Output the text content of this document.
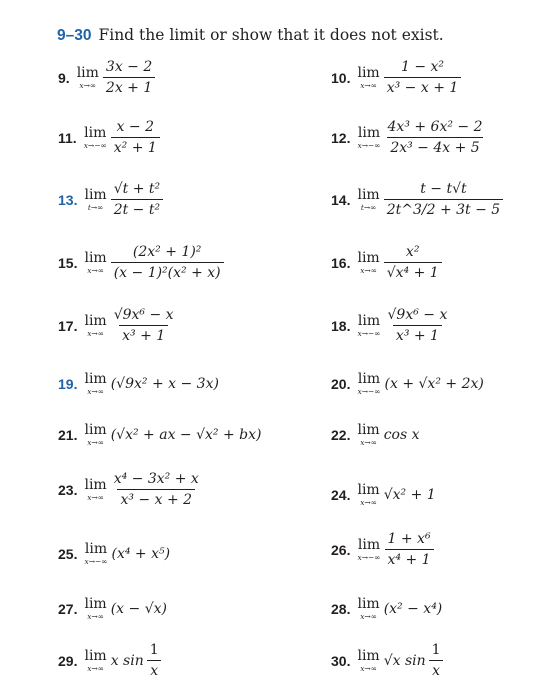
9–30 Find the limit or show that it does not exist.
9. lim
$x\to\infty \frac{3x - 2}{2x + 1}$	10. lim
$x\to\infty \frac{\text{1 − x²}}{\text{x³ − x + 1}}$
11. lim
$x\to-\infty \frac{x - 2}{\text{x² + 1}}$	12. lim
$x\to-\infty \frac{\text{4x³ + 6x² − 2}}{\text{2x³ − 4x + 5}}$
13. lim
$t\to\infty \frac{\text{√t + t²}}{\text{2t − t²}}$	14. lim
$t\to\infty \frac{t - t√t}{2t\^{}3/2 + 3t - 5}$
15. lim
$x\to\infty \frac{\text{(2x² + 1)²}}{\text{(x − 1)²(x² + x)}}$	16. lim
$x\to\infty \frac{\text{x²}}{\text{√x⁴ + 1}}$
17. lim
$x\to\infty \frac{\text{√9x⁶ − x}}{\text{x³ + 1}}$	18. lim
$x\to-\infty \frac{\text{√9x⁶ − x}}{\text{x³ + 1}}$
19. lim
x→∞ (√9x² + x − 3x)	20. lim
x→−∞ (x + √x² + 2x)
21. lim
x→∞ (√x² + ax − √x² + bx)	22. lim
x→∞ cos x
23. lim
$x\to\infty \frac{\text{x⁴ − 3x² + x}}{\text{x³ − x + 2}}$	24. lim
x→∞ √x² + 1
25. lim
x→−∞ (x⁴ + x⁵)	26. lim
$x\to-\infty \frac{\text{1 + x⁶}}{\text{x⁴ + 1}}$
27. lim
x→∞ (x − √x)	28. lim
x→∞ (x² − x⁴)
29. lim
x→∞ x $\sin \frac{1}{x}$	30. lim
x→∞ √x $\sin \frac{1}{x}$
